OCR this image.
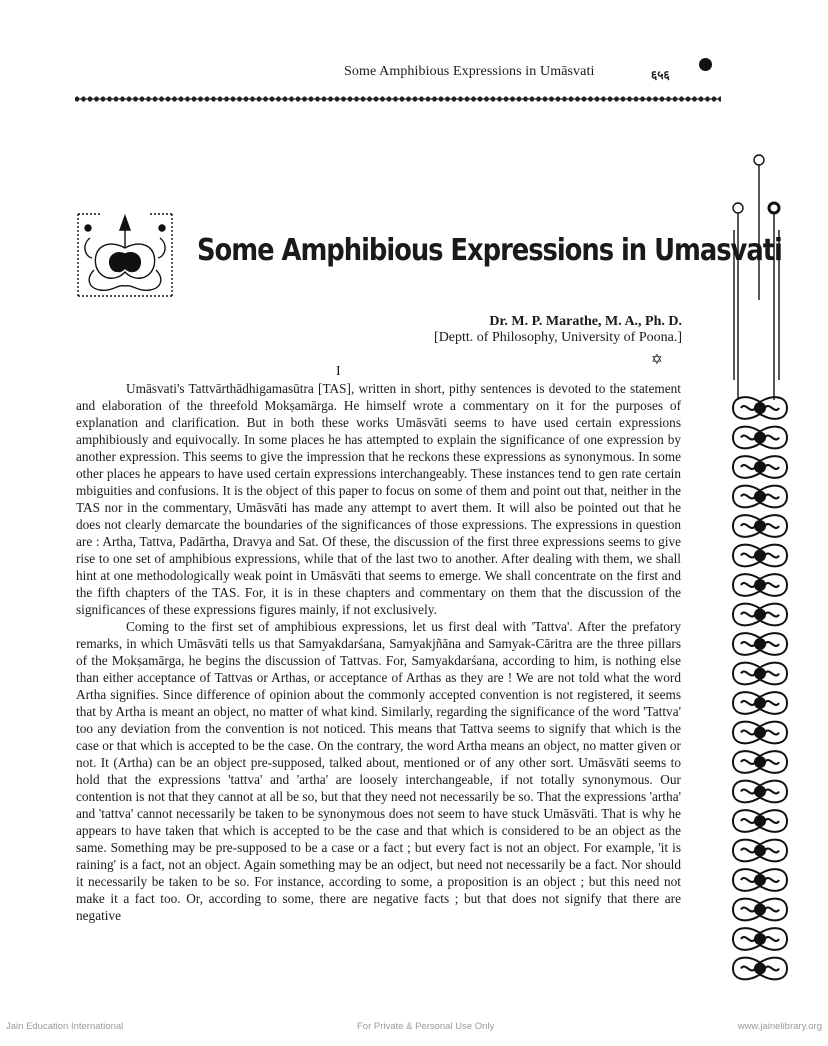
Some Amphibious Expressions in Umāsvati	६५६
Some Amphibious Expressions in Umasvati
Dr. M. P. Marathe, M. A., Ph. D.
[Deptt. of Philosophy, University of Poona.]
✡
I

Umāsvati's Tattvārthādhigamasūtra [TAS], written in short, pithy sentences is devoted to the statement and elaboration of the threefold Mokṣamārga. He himself wrote a commentary on it for the purposes of explanation and clarification. But in both these works Umāsvāti seems to have used certain expressions amphibiously and equivocally. In some places he has attempted to explain the significance of one expression by another expression. This seems to give the impression that he reckons these expressions as synonymous. In some other places he appears to have used certain expressions interchangeably. These instances tend to gen rate certain mbiguities and confusions. It is the object of this paper to focus on some of them and point out that, neither in the TAS nor in the commentary, Umāsvāti has made any attempt to avert them. It will also be pointed out that he does not clearly demarcate the boundaries of the significances of those expressions. The expressions in question are : Artha, Tattva, Padārtha, Dravya and Sat. Of these, the discussion of the first three expressions seems to give rise to one set of amphibious expressions, while that of the last two to another. After dealing with them, we shall hint at one methodologically weak point in Umāsvāti that seems to emerge. We shall concentrate on the first and the fifth chapters of the TAS. For, it is in these chapters and commentary on them that the discussion of the significances of these expressions figures mainly, if not exclusively.

Coming to the first set of amphibious expressions, let us first deal with 'Tattva'. After the prefatory remarks, in which Umāsvāti tells us that Samyakdarśana, Samyakjñāna and Samyak-Cāritra are the three pillars of the Mokṣamārga, he begins the discussion of Tattvas. For, Samyakdarśana, according to him, is nothing else than either acceptance of Tattvas or Arthas, or acceptance of Arthas as they are ! We are not told what the word Artha signifies. Since difference of opinion about the commonly accepted convention is not registered, it seems that by Artha is meant an object, no matter of what kind. Similarly, regarding the significance of the word 'Tattva' too any deviation from the convention is not noticed. This means that Tattva seems to signify that which is the case or that which is accepted to be the case. On the contrary, the word Artha means an object, no matter given or not. It (Artha) can be an object pre-supposed, talked about, mentioned or of any other sort. Umāsvāti seems to hold that the expressions 'tattva' and 'artha' are loosely interchangeable, if not totally synonymous. Our contention is not that they cannot at all be so, but that they need not necessarily be so. That the expressions 'artha' and 'tattva' cannot necessarily be taken to be synonymous does not seem to have stuck Umāsvāti. That is why he appears to have taken that which is accepted to be the case and that which is considered to be an object as the same. Something may be pre-supposed to be a case or a fact ; but every fact is not an object. For example, 'it is raining' is a fact, not an object. Again something may be an odject, but need not necessarily be a fact. Nor should it necessarily be taken to be so. For instance, according to some, a proposition is an object ; but this need not make it a fact too. Or, according to some, there are negative facts ; but that does not signify that there are negative

Jain Education International	For Private & Personal Use Only	www.jainelibrary.org
